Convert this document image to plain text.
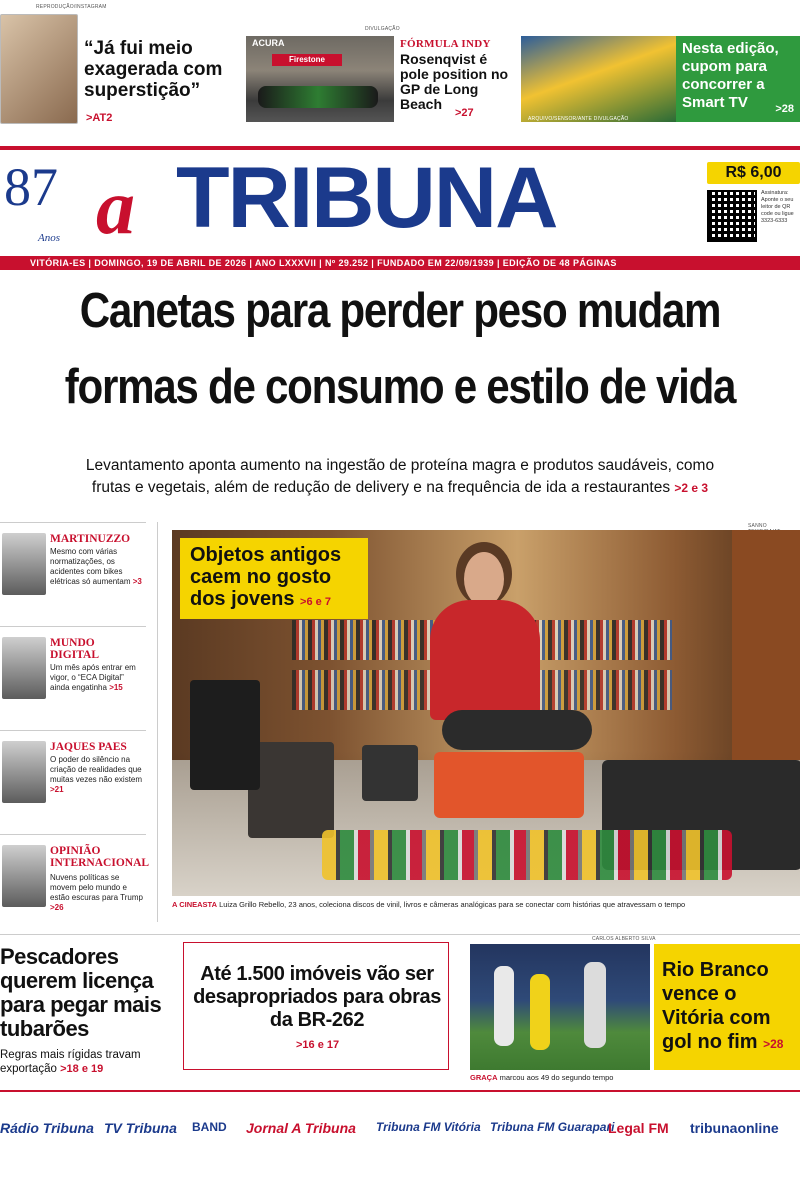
REPRODUÇÃO/INSTAGRAM
“Já fui meio exagerada com superstição”
>AT2
DIVULGAÇÃO
ACURA
Firestone
FÓRMULA INDY
Rosenqvist é pole position no GP de Long Beach
>27	ARQUIVO/SENSOR/ANTE DIVULGAÇÃO
Nesta edição, cupom para concorrer a Smart TV >28
87
Anos a TRIBUNA	R$ 6,00
Assinatura: Aponte o seu leitor de QR code ou ligue 3323-6333
VITÓRIA-ES | DOMINGO, 19 DE ABRIL DE 2026 | ANO LXXXVII | Nº 29.252 | FUNDADO EM 22/09/1939 | EDIÇÃO DE 48 PÁGINAS
Canetas para perder peso mudam
formas de consumo e estilo de vida
Levantamento aponta aumento na ingestão de proteína magra e produtos saudáveis, como
frutas e vegetais, além de redução de delivery e na frequência de ida a restaurantes >2 e 3
MARTINUZZO
Mesmo com várias normatizações, os acidentes com bikes elétricas só aumentam >3
MUNDO DIGITAL
Um mês após entrar em vigor, o “ECA Digital” ainda engatinha >15
JAQUES PAES
O poder do silêncio na criação de realidades que muitas vezes não existem >21
OPINIÃO INTERNACIONAL
Nuvens políticas se movem pelo mundo e estão escuras para Trump >26
SANNO
Objetos antigos caem no gosto dos jovens >6 e 7
A CINEASTA Luiza Grillo Rebello, 23 anos, coleciona discos de vinil, livros e câmeras analógicas para se conectar com histórias que atravessam o tempo
Pescadores querem licença para pegar mais tubarões
Regras mais rígidas travam exportação >18 e 19
Até 1.500 imóveis vão ser desapropriados para obras da BR-262
>16 e 17
CARLOS ALBERTO SILVA
GRAÇA marcou aos 49 do segundo tempo
Rio Branco vence o Vitória com gol no fim >28
Rádio Tribuna TV Tribuna BAND Jornal A Tribuna Tribuna FM Vitória Tribuna FM Guarapari
Legal FM tribunaonline
